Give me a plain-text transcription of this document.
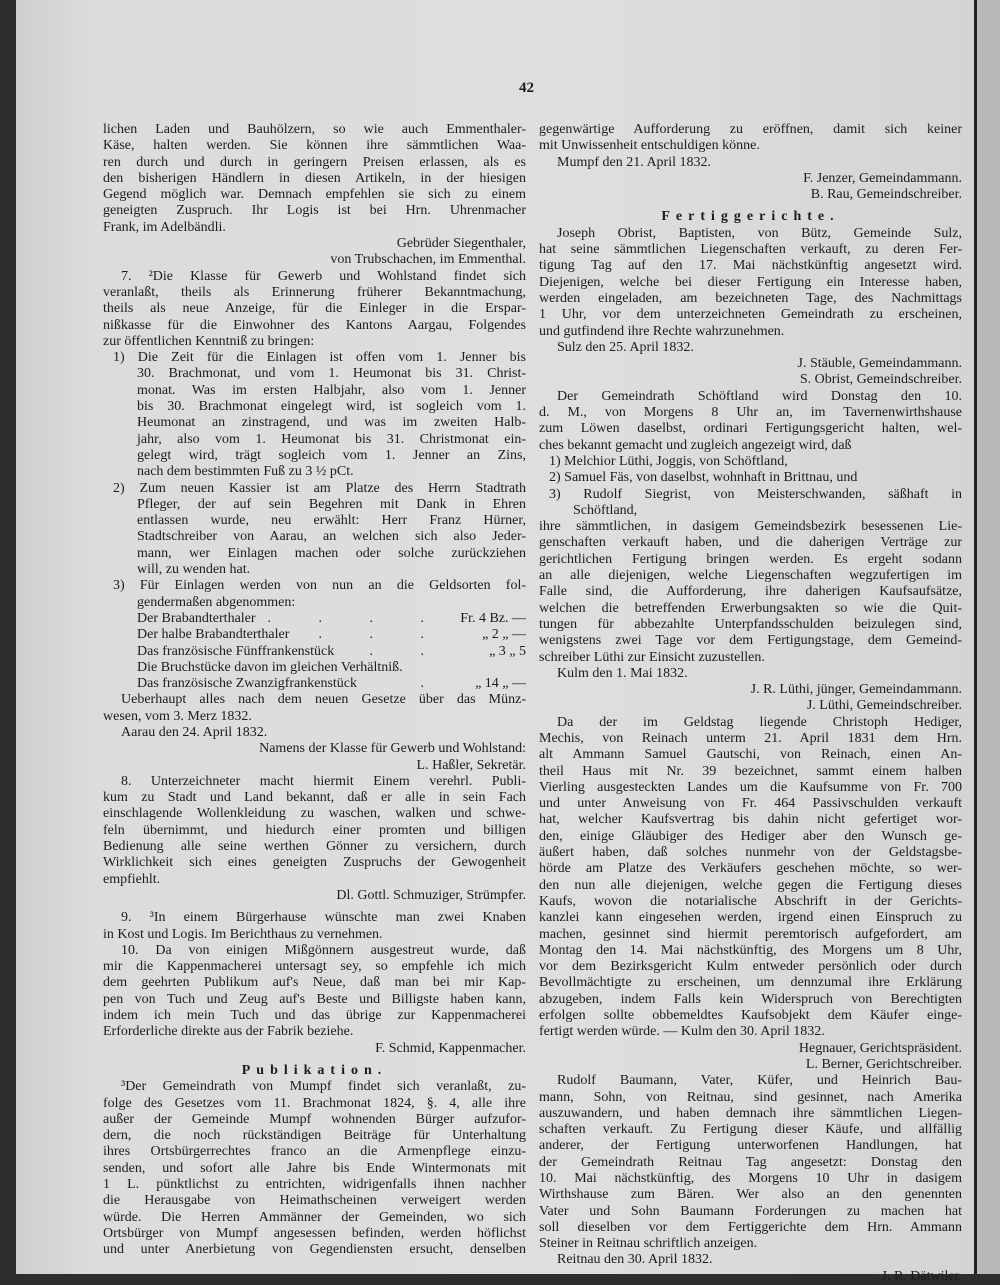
42
lichen Laden und Bauhölzern, so wie auch Emmenthaler-
Käse, halten werden. Sie können ihre sämmtlichen Waa-
ren durch und durch in geringern Preisen erlassen, als es
den bisherigen Händlern in diesen Artikeln, in der hiesigen
Gegend möglich war. Demnach empfehlen sie sich zu einem
geneigten Zuspruch. Ihr Logis ist bei Hrn. Uhrenmacher
Frank, im Adelbändli.
Gebrüder Siegenthaler,
von Trubschachen, im Emmenthal.
7. ²Die Klasse für Gewerb und Wohlstand findet sich
veranlaßt, theils als Erinnerung früherer Bekanntmachung,
theils als neue Anzeige, für die Einleger in die Erspar-
nißkasse für die Einwohner des Kantons Aargau, Folgendes
zur öffentlichen Kenntniß zu bringen:
1) Die Zeit für die Einlagen ist offen vom 1. Jenner bis
30. Brachmonat, und vom 1. Heumonat bis 31. Christ-
monat. Was im ersten Halbjahr, also vom 1. Jenner
bis 30. Brachmonat eingelegt wird, ist sogleich vom 1.
Heumonat an zinstragend, und was im zweiten Halb-
jahr, also vom 1. Heumonat bis 31. Christmonat ein-
gelegt wird, trägt sogleich vom 1. Jenner an Zins,
nach dem bestimmten Fuß zu 3 ½ pCt.
2) Zum neuen Kassier ist am Platze des Herrn Stadtrath
Pfleger, der auf sein Begehren mit Dank in Ehren
entlassen wurde, neu erwählt: Herr Franz Hürner,
Stadtschreiber von Aarau, an welchen sich also Jeder-
mann, wer Einlagen machen oder solche zurückziehen
will, zu wenden hat.
3) Für Einlagen werden von nun an die Geldsorten fol-
gendermaßen abgenommen:
Der Brabandterthaler . . . .	Fr. 4 Bz. —
Der halbe Brabandterthaler	. . .	„ 2 „ —
Das französische Fünffrankenstück	. .	„ 3 „ 5
Die Bruchstücke davon im gleichen Verhältniß.
Das französische Zwanzigfrankenstück	.	„ 14 „ —
Ueberhaupt alles nach dem neuen Gesetze über das Münz-
wesen, vom 3. Merz 1832.
Aarau den 24. April 1832.
Namens der Klasse für Gewerb und Wohlstand:
L. Haßler, Sekretär.
8. Unterzeichneter macht hiermit Einem verehrl. Publi-
kum zu Stadt und Land bekannt, daß er alle in sein Fach
einschlagende Wollenkleidung zu waschen, walken und schwe-
feln übernimmt, und hiedurch einer promten und billigen
Bedienung alle seine werthen Gönner zu versichern, durch
Wirklichkeit sich eines geneigten Zuspruchs der Gewogenheit
empfiehlt.
Dl. Gottl. Schmuziger, Strümpfer.
9. ³In einem Bürgerhause wünschte man zwei Knaben
in Kost und Logis. Im Berichthaus zu vernehmen.
10. Da von einigen Mißgönnern ausgestreut wurde, daß
mir die Kappenmacherei untersagt sey, so empfehle ich mich
dem geehrten Publikum auf's Neue, daß man bei mir Kap-
pen von Tuch und Zeug auf's Beste und Billigste haben kann,
indem ich mein Tuch und das übrige zur Kappenmacherei
Erforderliche direkte aus der Fabrik beziehe.
F. Schmid, Kappenmacher.
Publikation.
³Der Gemeindrath von Mumpf findet sich veranlaßt, zu-
folge des Gesetzes vom 11. Brachmonat 1824, §. 4, alle ihre
außer der Gemeinde Mumpf wohnenden Bürger aufzufor-
dern, die noch rückständigen Beiträge für Unterhaltung
ihres Ortsbürgerrechtes franco an die Armenpflege einzu-
senden, und sofort alle Jahre bis Ende Wintermonats mit
1 L. pünktlichst zu entrichten, widrigenfalls ihnen nachher
die Herausgabe von Heimathscheinen verweigert werden
würde. Die Herren Ammänner der Gemeinden, wo sich
Ortsbürger von Mumpf angesessen befinden, werden höflichst
und unter Anerbietung von Gegendiensten ersucht, denselben
gegenwärtige Aufforderung zu eröffnen, damit sich keiner
mit Unwissenheit entschuldigen könne.
Mumpf den 21. April 1832.
F. Jenzer, Gemeindammann.
B. Rau, Gemeindschreiber.
Fertiggerichte.
Joseph Obrist, Baptisten, von Bütz, Gemeinde Sulz,
hat seine sämmtlichen Liegenschaften verkauft, zu deren Fer-
tigung Tag auf den 17. Mai nächstkünftig angesetzt wird.
Diejenigen, welche bei dieser Fertigung ein Interesse haben,
werden eingeladen, am bezeichneten Tage, des Nachmittags
1 Uhr, vor dem unterzeichneten Gemeindrath zu erscheinen,
und gutfindend ihre Rechte wahrzunehmen.
Sulz den 25. April 1832.
J. Stäuble, Gemeindammann.
S. Obrist, Gemeindschreiber.
Der Gemeindrath Schöftland wird Donstag den 10.
d. M., von Morgens 8 Uhr an, im Tavernenwirthshause
zum Löwen daselbst, ordinari Fertigungsgericht halten, wel-
ches bekannt gemacht und zugleich angezeigt wird, daß
1) Melchior Lüthi, Joggis, von Schöftland,
2) Samuel Fäs, von daselbst, wohnhaft in Brittnau, und
3) Rudolf Siegrist, von Meisterschwanden, säßhaft in
Schöftland,
ihre sämmtlichen, in dasigem Gemeindsbezirk besessenen Lie-
genschaften verkauft haben, und die daherigen Verträge zur
gerichtlichen Fertigung bringen werden. Es ergeht sodann
an alle diejenigen, welche Liegenschaften wegzufertigen im
Falle sind, die Aufforderung, ihre daherigen Kaufsaufsätze,
welchen die betreffenden Erwerbungsakten so wie die Quit-
tungen für abbezahlte Unterpfandsschulden beizulegen sind,
wenigstens zwei Tage vor dem Fertigungstage, dem Gemeind-
schreiber Lüthi zur Einsicht zuzustellen.
Kulm den 1. Mai 1832.
J. R. Lüthi, jünger, Gemeindammann.
J. Lüthi, Gemeindschreiber.
Da der im Geldstag liegende Christoph Hediger,
Mechis, von Reinach unterm 21. April 1831 dem Hrn.
alt Ammann Samuel Gautschi, von Reinach, einen An-
theil Haus mit Nr. 39 bezeichnet, sammt einem halben
Vierling ausgesteckten Landes um die Kaufsumme von Fr. 700
und unter Anweisung von Fr. 464 Passivschulden verkauft
hat, welcher Kaufsvertrag bis dahin nicht gefertiget wor-
den, einige Gläubiger des Hediger aber den Wunsch ge-
äußert haben, daß solches nunmehr von der Geldstagsbe-
hörde am Platze des Verkäufers geschehen möchte, so wer-
den nun alle diejenigen, welche gegen die Fertigung dieses
Kaufs, wovon die notarialische Abschrift in der Gerichts-
kanzlei kann eingesehen werden, irgend einen Einspruch zu
machen, gesinnet sind hiermit peremtorisch aufgefordert, am
Montag den 14. Mai nächstkünftig, des Morgens um 8 Uhr,
vor dem Bezirksgericht Kulm entweder persönlich oder durch
Bevollmächtigte zu erscheinen, um dennzumal ihre Erklärung
abzugeben, indem Falls kein Widerspruch von Berechtigten
erfolgen sollte obbemeldtes Kaufsobjekt dem Käufer einge-
fertigt werden würde. — Kulm den 30. April 1832.
Hegnauer, Gerichtspräsident.
L. Berner, Gerichtschreiber.
Rudolf Baumann, Vater, Küfer, und Heinrich Bau-
mann, Sohn, von Reitnau, sind gesinnet, nach Amerika
auszuwandern, und haben demnach ihre sämmtlichen Liegen-
schaften verkauft. Zu Fertigung dieser Käufe, und allfällig
anderer, der Fertigung unterworfenen Handlungen, hat
der Gemeindrath Reitnau Tag angesetzt: Donstag den
10. Mai nächstkünftig, des Morgens 10 Uhr in dasigem
Wirthshause zum Bären. Wer also an den genennten
Vater und Sohn Baumann Forderungen zu machen hat
soll dieselben vor dem Fertiggerichte dem Hrn. Ammann
Steiner in Reitnau schriftlich anzeigen.
Reitnau den 30. April 1832.
J. R. Dätwiler.
